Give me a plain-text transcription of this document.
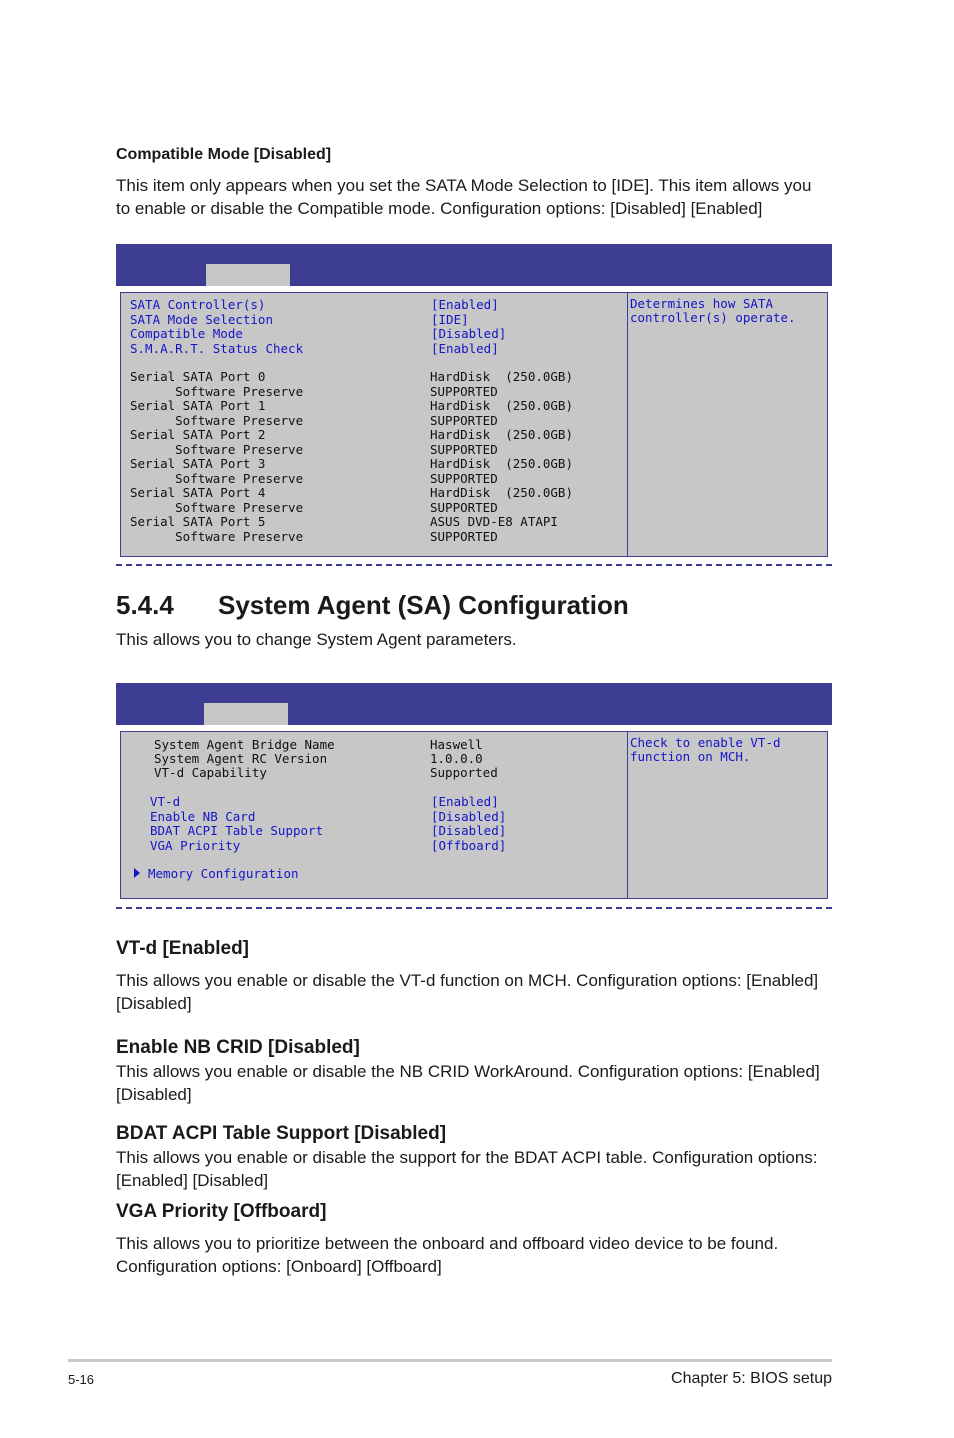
Compatible Mode [Disabled]
This item only appears when you set the SATA Mode Selection to [IDE]. This item allows you
to enable or disable the Compatible mode. Configuration options: [Disabled] [Enabled]
Determines how SATA
controller(s) operate.
SATA Controller(s)	[Enabled]
SATA Mode Selection	[IDE]
Compatible Mode	[Disabled]
S.M.A.R.T. Status Check	[Enabled]
Serial SATA Port 0	HardDisk  (250.0GB)
Software Preserve	SUPPORTED
Serial SATA Port 1	HardDisk  (250.0GB)
Software Preserve	SUPPORTED
Serial SATA Port 2	HardDisk  (250.0GB)
Software Preserve	SUPPORTED
Serial SATA Port 3	HardDisk  (250.0GB)
Software Preserve	SUPPORTED
Serial SATA Port 4	HardDisk  (250.0GB)
Software Preserve	SUPPORTED
Serial SATA Port 5	ASUS DVD-E8 ATAPI
Software Preserve	SUPPORTED
5.4.4 System Agent (SA) Configuration
This allows you to change System Agent parameters.
Check to enable VT-d
function on MCH.
System Agent Bridge Name	Haswell
System Agent RC Version	1.0.0.0
VT-d Capability	Supported
VT-d	[Enabled]
Enable NB Card	[Disabled]
BDAT ACPI Table Support	[Disabled]
VGA Priority	[Offboard]
Memory Configuration
VT-d [Enabled]
This allows you enable or disable the VT-d function on MCH. Configuration options: [Enabled]
[Disabled]
Enable NB CRID [Disabled]
This allows you enable or disable the NB CRID WorkAround. Configuration options: [Enabled]
[Disabled]
BDAT ACPI Table Support [Disabled]
This allows you enable or disable the support for the BDAT ACPI table. Configuration options:
[Enabled] [Disabled]
VGA Priority [Offboard]
This allows you to prioritize between the onboard and offboard video device to be found.
Configuration options: [Onboard] [Offboard]
5-16	Chapter 5: BIOS setup
